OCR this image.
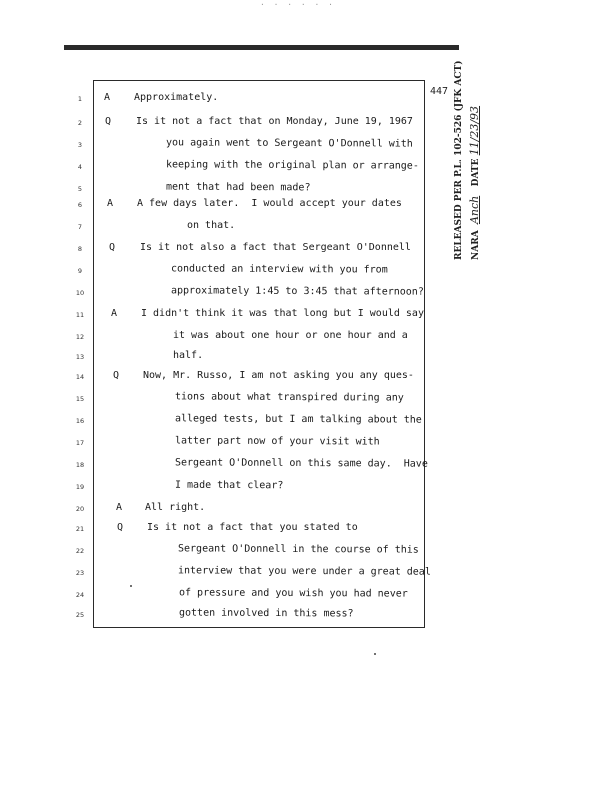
· · · · · ·
447 RELEASED PER P.L. 102-526 (JFK ACT) NARA  Anch   DATE 11/23/93
1	A Approximately.
2	Q Is it not a fact that on Monday, June 19, 1967
3	you again went to Sergeant O'Donnell with
4	keeping with the original plan or arrange-
5	ment that had been made?
6	A A few days later.  I would accept your dates
7	on that.
8	Q Is it not also a fact that Sergeant O'Donnell
9	conducted an interview with you from
10	approximately 1:45 to 3:45 that afternoon?
11	A I didn't think it was that long but I would say
12	it was about one hour or one hour and a
13	half.
14	Q Now, Mr. Russo, I am not asking you any ques-
15	tions about what transpired during any
16	alleged tests, but I am talking about the
17	latter part now of your visit with
18	Sergeant O'Donnell on this same day.  Have
19	I made that clear?
20	A All right.
21	Q Is it not a fact that you stated to
22	Sergeant O'Donnell in the course of this
23	interview that you were under a great deal
24	of pressure and you wish you had never
25	gotten involved in this mess?
